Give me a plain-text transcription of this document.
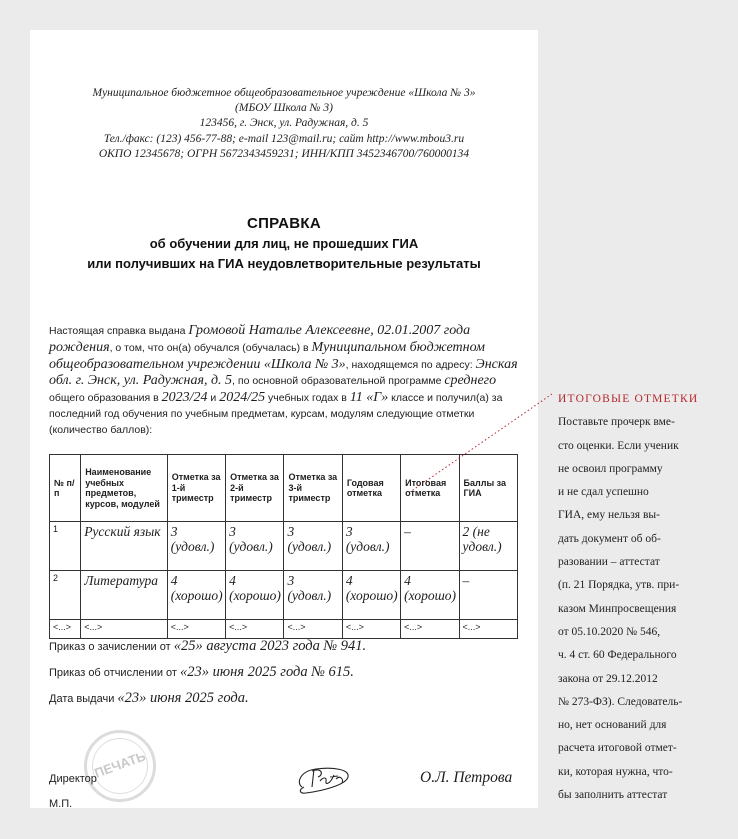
Муниципальное бюджетное общеобразовательное учреждение «Школа № 3»
(МБОУ Школа № 3)
123456, г. Энск, ул. Радужная, д. 5
Тел./факс: (123) 456-77-88; e-mail 123@mail.ru; сайт http://www.mbou3.ru
ОКПО 12345678; ОГРН 5672343459231; ИНН/КПП 3452346700/760000134
СПРАВКА
об обучении для лиц, не прошедших ГИА
или получивших на ГИА неудовлетворительные результаты
Настоящая справка выдана Громовой Наталье Алексеевне, 02.01.2007 года рождения, о том, что он(а) обучался (обучалась) в Муниципальном бюджетном общеобразовательном учреждении «Школа № 3», находящемся по адресу: Энская обл. г. Энск, ул. Радужная, д. 5, по основной образовательной программе среднего общего образования в 2023/24 и 2024/25 учебных годах в 11 «Г» классе и получил(а) за последний год обучения по учебным предметам, курсам, модулям следующие отметки (количество баллов):
№ п/п	Наименование учебных предметов, курсов, модулей	Отметка за 1-й триместр	Отметка за 2-й триместр	Отметка за 3-й триместр	Годовая отметка	Итоговая отметка	Баллы за ГИА
1	Русский язык	3 (удовл.)	3 (удовл.)	3 (удовл.)	3 (удовл.)	–	2 (не удовл.)
2	Литература	4 (хорошо)	4 (хорошо)	3 (удовл.)	4 (хорошо)	4 (хорошо)	–
<...>	<...>	<...>	<...>	<...>	<...>	<...>	<...>
Приказ о зачислении от «25» августа 2023 года № 941.
Приказ об отчислении от «23» июня 2025 года № 615.
Дата выдачи «23» июня 2025 года.
ПЕЧАТЬ
Директор
М.П.
О.Л. Петрова
ИТОГОВЫЕ ОТМЕТКИ
Поставьте прочерк вме-
сто оценки. Если ученик
не освоил программу
и не сдал успешно
ГИА, ему нельзя вы-
дать документ об об-
разовании – аттестат
(п. 21 Порядка, утв. при-
казом Минпросвещения
от 05.10.2020 № 546,
ч. 4 ст. 60 Федерального
закона от 29.12.2012
№ 273-ФЗ). Следователь-
но, нет оснований для
расчета итоговой отмет-
ки, которая нужна, что-
бы заполнить аттестат
